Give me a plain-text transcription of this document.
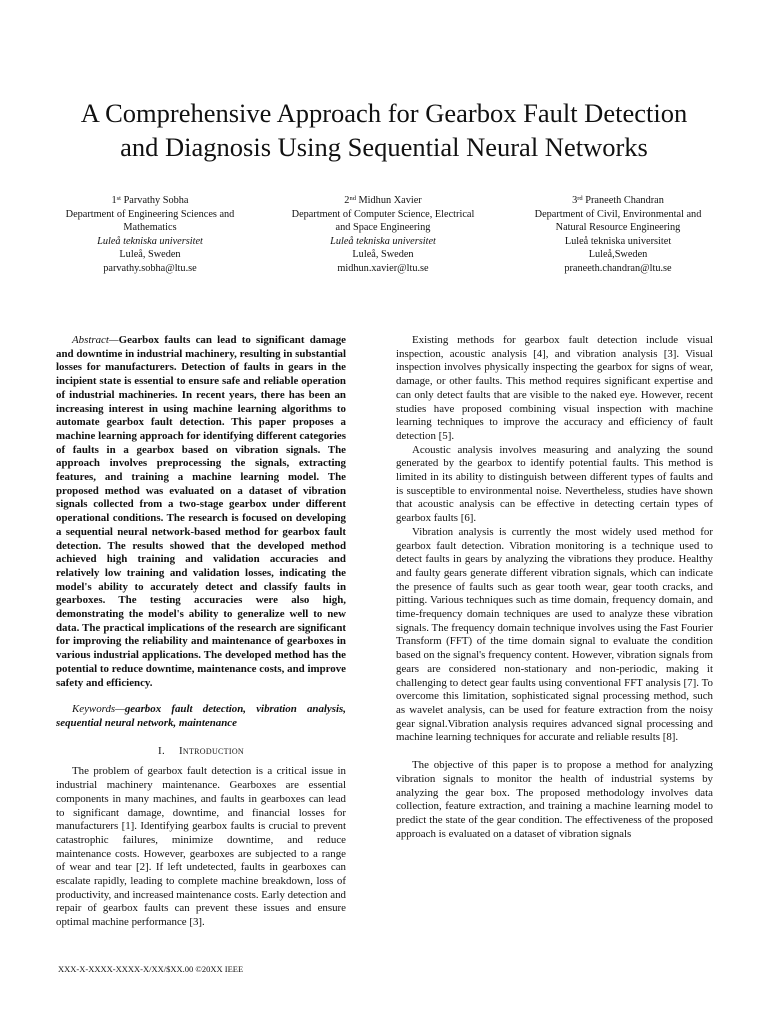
A Comprehensive Approach for Gearbox Fault Detection and Diagnosis Using Sequential Neural Networks
1st Parvathy Sobha
Department of Engineering Sciences and Mathematics
Luleå tekniska universitet
Luleå, Sweden
parvathy.sobha@ltu.se
2nd Midhun Xavier
Department of Computer Science, Electrical and Space Engineering
Luleå tekniska universitet
Luleå, Sweden
midhun.xavier@ltu.se
3rd Praneeth Chandran
Department of Civil, Environmental and Natural Resource Engineering
Luleå tekniska universitet
Luleå,Sweden
praneeth.chandran@ltu.se

Abstract—Gearbox faults can lead to significant damage and downtime in industrial machinery, resulting in substantial losses for manufacturers. Detection of faults in gears in the incipient state is essential to ensure safe and reliable operation of industrial machineries. In recent years, there has been an increasing interest in using machine learning algorithms to automate gearbox fault detection. This paper proposes a machine learning approach for identifying different categories of faults in a gearbox based on vibration signals. The approach involves preprocessing the signals, extracting features, and training a machine learning model. The proposed method was evaluated on a dataset of vibration signals collected from a two-stage gearbox under different operational conditions. The research is focused on developing a sequential neural network-based method for gearbox fault detection. The results showed that the developed method achieved high training and validation accuracies and relatively low training and validation losses, indicating the model's ability to accurately detect and classify faults in gearboxes. The testing accuracies were also high, demonstrating the model's ability to generalize well to new data. The practical implications of the research are significant for improving the reliability and maintenance of gearboxes in various industrial applications. The developed method has the potential to reduce downtime, maintenance costs, and improve safety and efficiency.

Keywords—gearbox fault detection, vibration analysis, sequential neural network, maintenance

I. Introduction

The problem of gearbox fault detection is a critical issue in industrial machinery maintenance. Gearboxes are essential components in many machines, and faults in gearboxes can lead to significant damage, downtime, and financial losses for manufacturers [1]. Identifying gearbox faults is crucial to prevent catastrophic failures, minimize downtime, and reduce maintenance costs. However, gearboxes are subjected to a range of wear and tear [2]. If left undetected, faults in gearboxes can escalate rapidly, leading to complete machine breakdown, loss of productivity, and increased maintenance costs. Early detection and repair of gearbox faults can prevent these issues and ensure optimal machine performance [3].

Existing methods for gearbox fault detection include visual inspection, acoustic analysis [4], and vibration analysis [3]. Visual inspection involves physically inspecting the gearbox for signs of wear, damage, or other faults. This method requires significant expertise and can only detect faults that are visible to the naked eye. However, recent studies have proposed combining visual inspection with machine learning techniques to improve the accuracy and efficiency of fault detection [5].

Acoustic analysis involves measuring and analyzing the sound generated by the gearbox to identify potential faults. This method is limited in its ability to distinguish between different types of faults and is susceptible to environmental noise. Nevertheless, studies have shown that acoustic analysis can be effective in detecting certain types of gearbox faults [6].

Vibration analysis is currently the most widely used method for gearbox fault detection. Vibration monitoring is a technique used to detect faults in gears by analyzing the vibrations they produce. Healthy and faulty gears generate different vibration signals, which can indicate the presence of faults such as gear tooth wear, gear tooth cracks, and pitting. Various techniques such as time domain, frequency domain, and time-frequency domain techniques are used to analyze these vibration signals. The frequency domain technique involves using the Fast Fourier Transform (FFT) of the time domain signal to evaluate the condition based on the signal's frequency content. However, vibration signals from gears are considered non-stationary and non-periodic, making it challenging to detect gear faults using conventional FFT analysis [7]. To overcome this limitation, sophisticated signal processing method, such as wavelet analysis, can be used for feature extraction from the noisy gear signal.Vibration analysis requires advanced signal processing and machine learning techniques for accurate and reliable results [8].

The objective of this paper is to propose a method for analyzing vibration signals to monitor the health of industrial systems by analyzing the gear box. The proposed methodology involves data collection, feature extraction, and training a machine learning model to predict the state of the gear condition. The effectiveness of the proposed approach is evaluated on a dataset of vibration signals

XXX-X-XXXX-XXXX-X/XX/$XX.00 ©20XX IEEE
